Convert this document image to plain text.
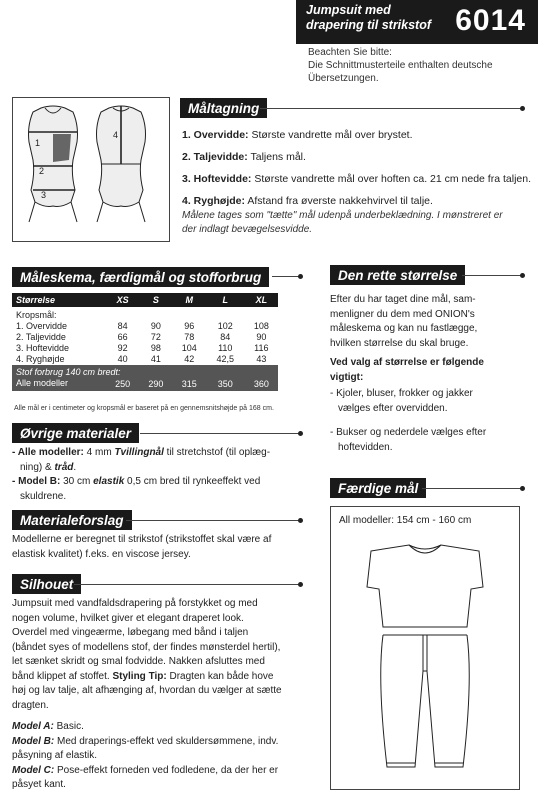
Jumpsuit med
drapering til strikstof 6014
Beachten Sie bitte:
Die Schnittmusterteile enthalten deutsche
Übersetzungen.
1
2
3
4
Måltagning
1. Overvidde: Største vandrette mål over brystet.
2. Taljevidde: Taljens mål.
3. Hoftevidde: Største vandrette mål over hoften ca. 21 cm nede fra taljen.
4. Ryghøjde: Afstand fra øverste nakkehvirvel til talje.
Målene tages som "tætte" mål udenpå underbeklædning. I mønstreret er
der indlagt bevægelsesvidde.
Måleskema, færdigmål og stofforbrug
Størrelse	XS	S	M	L	XL
Kropsmål:					
1. Overvidde	84	90	96	102	108
2. Taljevidde	66	72	78	84	90
3. Hoftevidde	92	98	104	110	116
4. Ryghøjde	40	41	42	42,5	43
Stof forbrug 140 cm bredt:					
Alle modeller	250	290	315	350	360
Alle mål er i centimeter og kropsmål er baseret på en gennemsnitshøjde på 168 cm.
Øvrige materialer
- Alle modeller: 4 mm Tvillingnål til stretchstof (til oplæg-
ning) & tråd.
- Model B: 30 cm elastik 0,5 cm bred til rynkeeffekt ved
skuldrene.
Materialeforslag
Modellerne er beregnet til strikstof (strikstoffet skal være af
elastisk kvalitet) f.eks. en viscose jersey.
Silhouet
Jumpsuit med vandfaldsdrapering på forstykket og med
nogen volume, hvilket giver et elegant draperet look.
Overdel med vingeærme, løbegang med bånd i taljen
(båndet syes of modellens stof, der findes mønsterdel hertil),
let sænket skridt og smal fodvidde. Nakken afsluttes med
bånd klippet af stoffet. Styling Tip: Dragten kan både hove
høj og lav talje, alt afhænging af, hvordan du vælger at sætte
dragten.
Model A: Basic.
Model B: Med draperings-effekt ved skuldersømmene, indv.
påsyning af elastik.
Model C: Pose-effekt forneden ved fodledene, da der her er
påsyet kant.
Den rette størrelse
Efter du har taget dine mål, sam-
menligner du dem med ONION's
måleskema og kan nu fastlægge,
hvilken størrelse du skal bruge.
Ved valg af størrelse er følgende
vigtigt:
- Kjoler, bluser, frokker og jakker
vælges efter overvidden.
- Bukser og nederdele vælges efter
hoftevidden.
Færdige mål
All modeller: 154 cm - 160 cm
